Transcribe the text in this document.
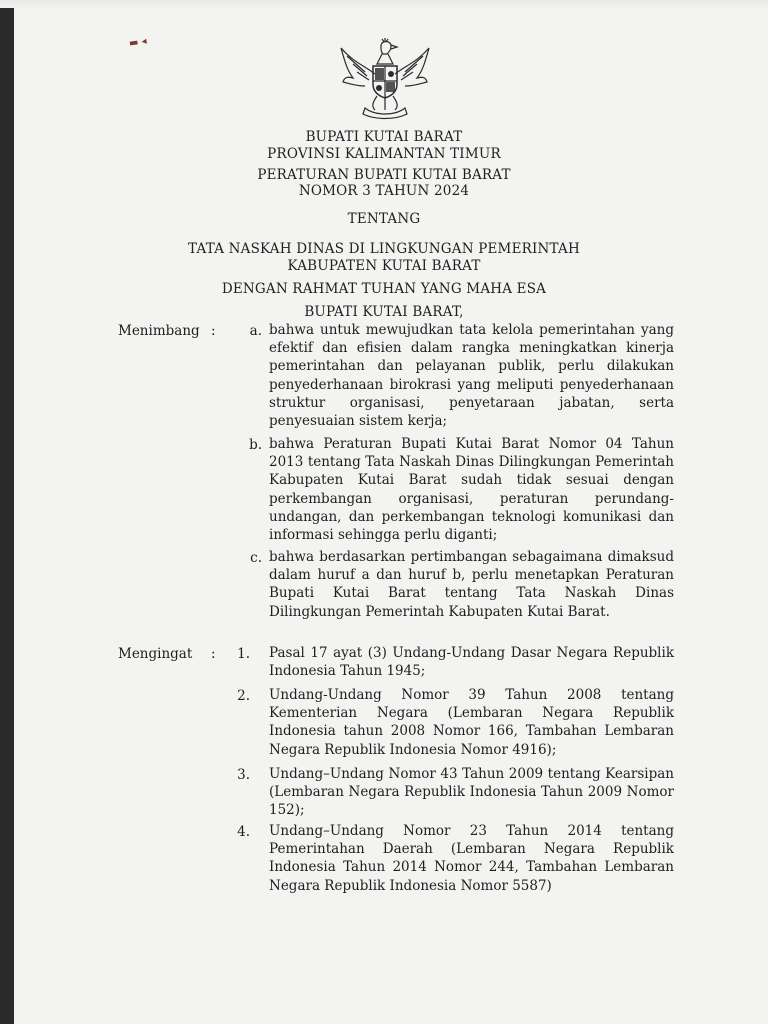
▬ ◂
BUPATI KUTAI BARAT
PROVINSI KALIMANTAN TIMUR
PERATURAN BUPATI KUTAI BARAT
NOMOR 3 TAHUN 2024
TENTANG
TATA NASKAH DINAS DI LINGKUNGAN PEMERINTAH
KABUPATEN KUTAI BARAT
DENGAN RAHMAT TUHAN YANG MAHA ESA
BUPATI KUTAI BARAT,
Menimbang :	a. bahwa untuk mewujudkan tata kelola pemerintahan yang efektif dan efisien dalam rangka meningkatkan kinerja pemerintahan dan pelayanan publik, perlu dilakukan penyederhanaan birokrasi yang meliputi penyederhanaan struktur organisasi, penyetaraan jabatan, serta penyesuaian sistem kerja;
b. bahwa Peraturan Bupati Kutai Barat Nomor 04 Tahun 2013 tentang Tata Naskah Dinas Dilingkungan Pemerintah Kabupaten Kutai Barat sudah tidak sesuai dengan perkembangan organisasi, peraturan perundang-undangan, dan perkembangan teknologi komunikasi dan informasi sehingga perlu diganti;
c. bahwa berdasarkan pertimbangan sebagaimana dimaksud dalam huruf a dan huruf b, perlu menetapkan Peraturan Bupati Kutai Barat tentang Tata Naskah Dinas Dilingkungan Pemerintah Kabupaten Kutai Barat.
Mengingat :	1. Pasal 17 ayat (3) Undang-Undang Dasar Negara Republik Indonesia Tahun 1945;
2. Undang-Undang Nomor 39 Tahun 2008 tentang Kementerian Negara (Lembaran Negara Republik Indonesia tahun 2008 Nomor 166, Tambahan Lembaran Negara Republik Indonesia Nomor 4916);
3. Undang–Undang Nomor 43 Tahun 2009 tentang Kearsipan (Lembaran Negara Republik Indonesia Tahun 2009 Nomor 152);
4. Undang–Undang Nomor 23 Tahun 2014 tentang Pemerintahan Daerah (Lembaran Negara Republik Indonesia Tahun 2014 Nomor 244, Tambahan Lembaran Negara Republik Indonesia Nomor 5587)
